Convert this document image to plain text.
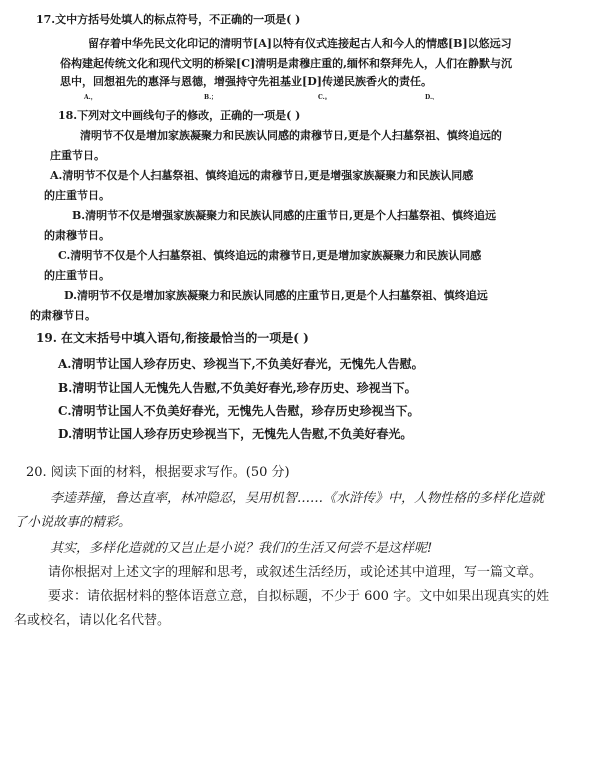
17.文中方括号处填人的标点符号，不正确的一项是( )
留存着中华先民文化印记的清明节[A]以特有仪式连接起古人和今人的情感[B]以悠远习
俗构建起传统文化和现代文明的桥梁[C]清明是肃穆庄重的,缅怀和祭拜先人，人们在静默与沉
思中，回想祖先的惠泽与恩德，增强持守先祖基业[D]传递民族香火的责任。
A.，	B.；	C.。	D.、
18.下列对文中画线句子的修改，正确的一项是( )
清明节不仅是增加家族凝聚力和民族认同感的肃穆节日,更是个人扫墓祭祖、慎终追远的
庄重节日。
A.清明节不仅是个人扫墓祭祖、慎终追远的肃穆节日,更是增强家族凝聚力和民族认同感
的庄重节日。
B.清明节不仅是增强家族凝聚力和民族认同感的庄重节日,更是个人扫墓祭祖、慎终追远
的肃穆节日。
C.清明节不仅是个人扫墓祭祖、慎终追远的肃穆节日,更是增加家族凝聚力和民族认同感
的庄重节日。
D.清明节不仅是增加家族凝聚力和民族认同感的庄重节日,更是个人扫墓祭祖、慎终追远
的肃穆节日。
19. 在文末括号中填入语句,衔接最恰当的一项是( )
A.清明节让国人珍存历史、珍视当下,不负美好春光，无愧先人告慰。
B.清明节让国人无愧先人告慰,不负美好春光,珍存历史、珍视当下。
C.清明节让国人不负美好春光，无愧先人告慰，珍存历史珍视当下。
D.清明节让国人珍存历史珍视当下，无愧先人告慰,不负美好春光。
20. 阅读下面的材料，根据要求写作。(50 分)
李逵莽撞，鲁达直率，林冲隐忍，吴用机智……《水浒传》中，人物性格的多样化造就
了小说故事的精彩。
其实，多样化造就的又岂止是小说？我们的生活又何尝不是这样呢!
请你根据对上述文字的理解和思考，或叙述生活经历，或论述其中道理，写一篇文章。
要求：请依据材料的整体语意立意，自拟标题，不少于 600 字。文中如果出现真实的姓
名或校名，请以化名代替。
